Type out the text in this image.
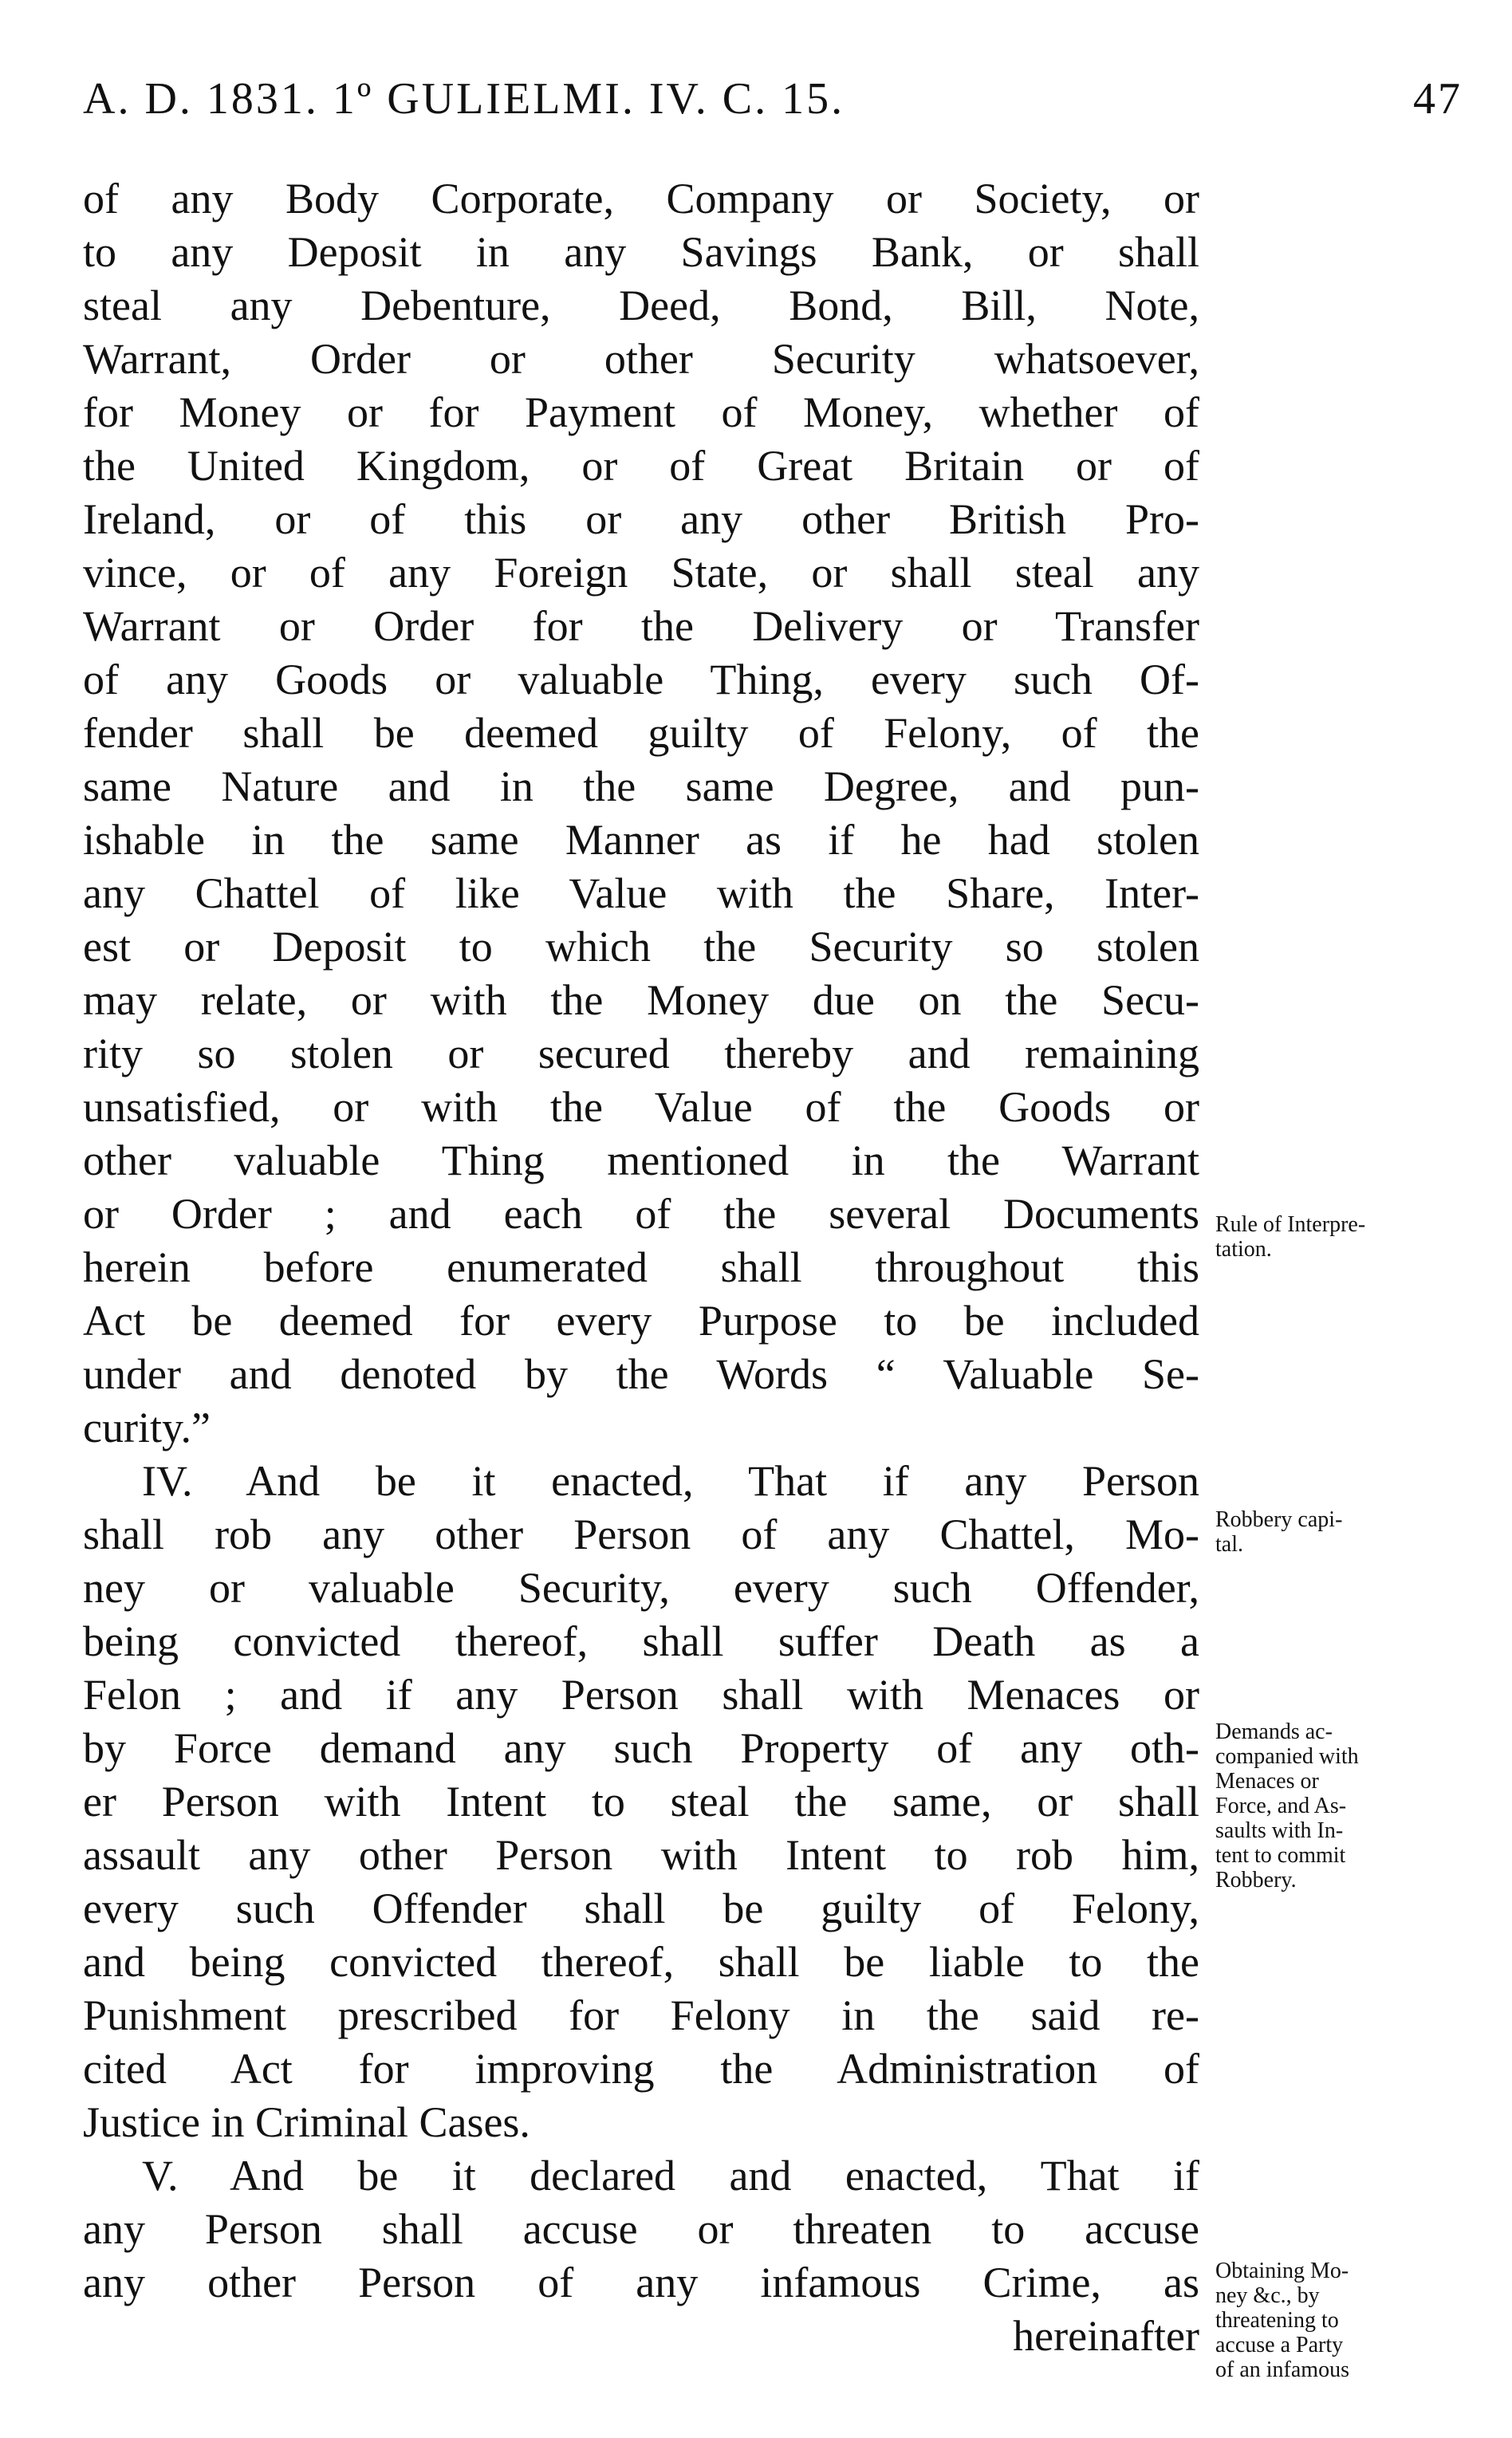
A. D. 1831. 1º GULIELMI. IV. C. 15.	47
of any Body Corporate, Company or Society, or
to any Deposit in any Savings Bank, or shall
steal any Debenture, Deed, Bond, Bill, Note,
Warrant, Order or other Security whatsoever,
for Money or for Payment of Money, whether of
the United Kingdom, or of Great Britain or of
Ireland, or of this or any other British Pro-
vince, or of any Foreign State, or shall steal any
Warrant or Order for the Delivery or Transfer
of any Goods or valuable Thing, every such Of-
fender shall be deemed guilty of Felony, of the
same Nature and in the same Degree, and pun-
ishable in the same Manner as if he had stolen
any Chattel of like Value with the Share, Inter-
est or Deposit to which the Security so stolen
may relate, or with the Money due on the Secu-
rity so stolen or secured thereby and remaining
unsatisfied, or with the Value of the Goods or
other valuable Thing mentioned in the Warrant
or Order ; and each of the several Documents
herein before enumerated shall throughout this
Act be deemed for every Purpose to be included
under and denoted by the Words “ Valuable Se-
curity.”
IV. And be it enacted, That if any Person
shall rob any other Person of any Chattel, Mo-
ney or valuable Security, every such Offender,
being convicted thereof, shall suffer Death as a
Felon ; and if any Person shall with Menaces or
by Force demand any such Property of any oth-
er Person with Intent to steal the same, or shall
assault any other Person with Intent to rob him,
every such Offender shall be guilty of Felony,
and being convicted thereof, shall be liable to the
Punishment prescribed for Felony in the said re-
cited Act for improving the Administration of
Justice in Criminal Cases.
V. And be it declared and enacted, That if
any Person shall accuse or threaten to accuse
any other Person of any infamous Crime, as
hereinafter
Rule of Interpre-
tation.
Robbery capi-
tal.
Demands ac-
companied with
Menaces or
Force, and As-
saults with In-
tent to commit
Robbery.
Obtaining Mo-
ney &c., by
threatening to
accuse a Party
of an infamous
